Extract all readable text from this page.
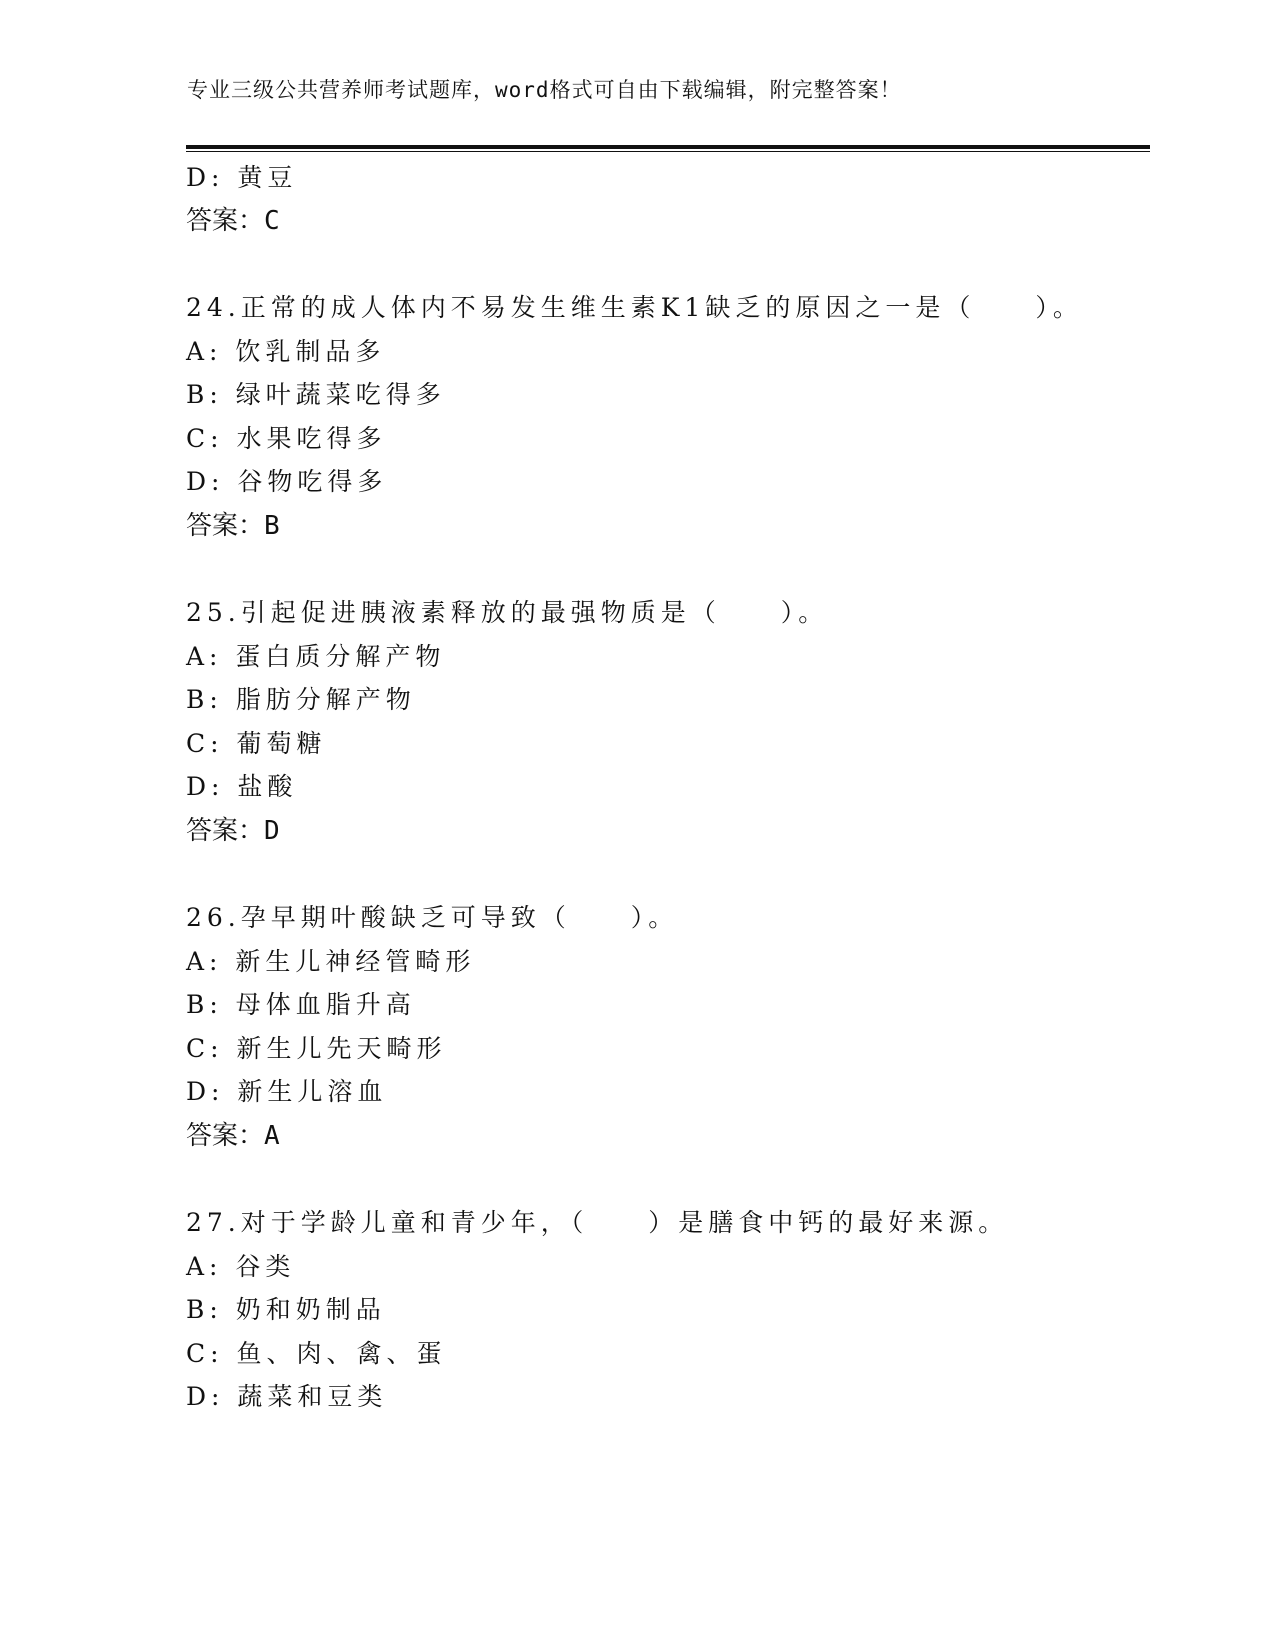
专业三级公共营养师考试题库，word格式可自由下载编辑，附完整答案！
D: 黄豆
答案：C
24.正常的成人体内不易发生维生素K1缺乏的原因之一是（　　）。
A: 饮乳制品多
B: 绿叶蔬菜吃得多
C: 水果吃得多
D: 谷物吃得多
答案：B
25.引起促进胰液素释放的最强物质是（　　）。
A: 蛋白质分解产物
B: 脂肪分解产物
C: 葡萄糖
D: 盐酸
答案：D
26.孕早期叶酸缺乏可导致（　　）。
A: 新生儿神经管畸形
B: 母体血脂升高
C: 新生儿先天畸形
D: 新生儿溶血
答案：A
27.对于学龄儿童和青少年，（　　）是膳食中钙的最好来源。
A: 谷类
B: 奶和奶制品
C: 鱼、肉、禽、蛋
D: 蔬菜和豆类
